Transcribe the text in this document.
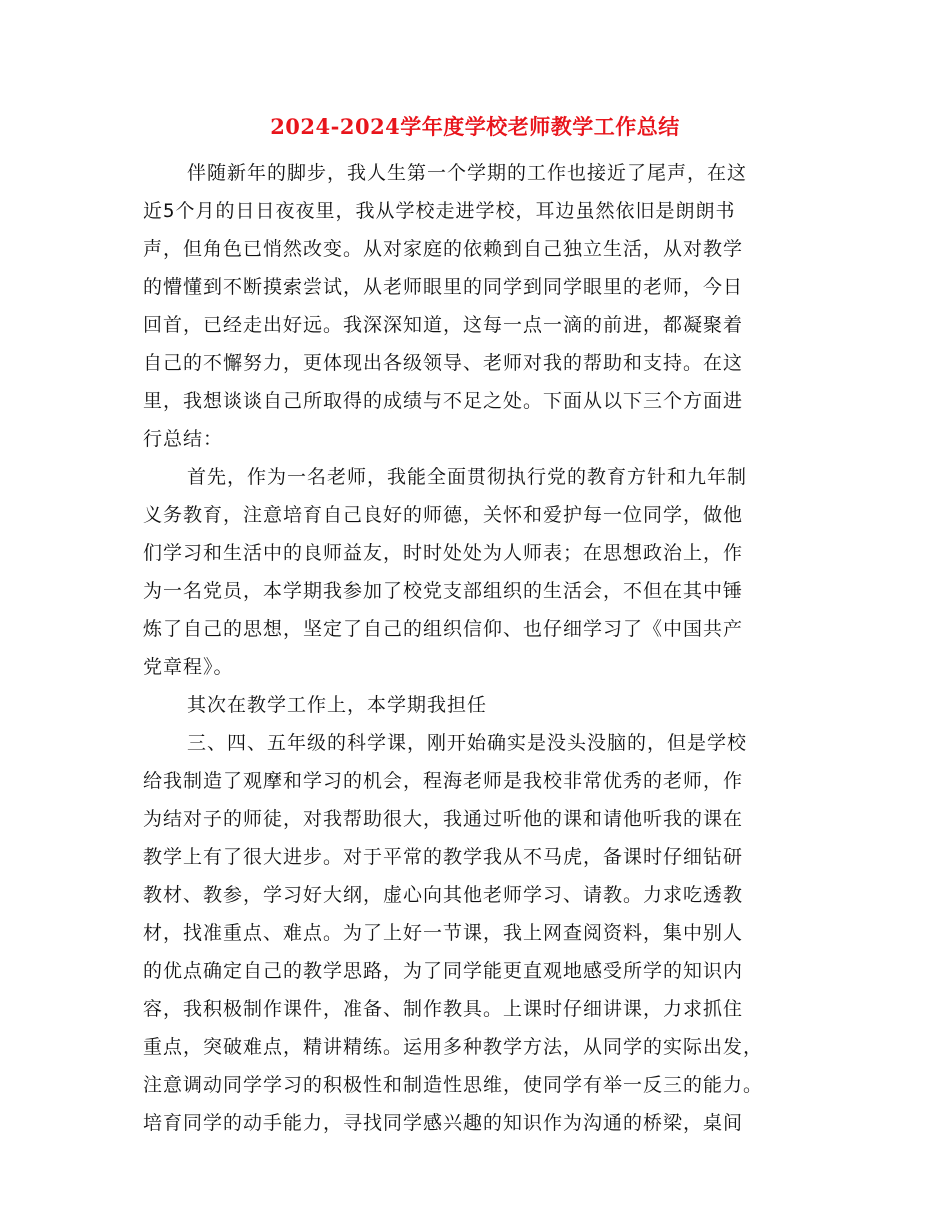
2024-2024学年度学校老师教学工作总结
伴随新年的脚步，我人生第一个学期的工作也接近了尾声，在这
近5个月的日日夜夜里，我从学校走进学校，耳边虽然依旧是朗朗书
声，但角色已悄然改变。从对家庭的依赖到自己独立生活，从对教学
的懵懂到不断摸索尝试，从老师眼里的同学到同学眼里的老师，今日
回首，已经走出好远。我深深知道，这每一点一滴的前进，都凝聚着
自己的不懈努力，更体现出各级领导、老师对我的帮助和支持。在这
里，我想谈谈自己所取得的成绩与不足之处。下面从以下三个方面进
行总结：
首先，作为一名老师，我能全面贯彻执行党的教育方针和九年制
义务教育，注意培育自己良好的师德，关怀和爱护每一位同学，做他
们学习和生活中的良师益友，时时处处为人师表；在思想政治上，作
为一名党员，本学期我参加了校党支部组织的生活会，不但在其中锤
炼了自己的思想，坚定了自己的组织信仰、也仔细学习了《中国共产
党章程》。
其次在教学工作上，本学期我担任
三、四、五年级的科学课，刚开始确实是没头没脑的，但是学校
给我制造了观摩和学习的机会，程海老师是我校非常优秀的老师，作
为结对子的师徒，对我帮助很大，我通过听他的课和请他听我的课在
教学上有了很大进步。对于平常的教学我从不马虎，备课时仔细钻研
教材、教参，学习好大纲，虚心向其他老师学习、请教。力求吃透教
材，找准重点、难点。为了上好一节课，我上网查阅资料，集中别人
的优点确定自己的教学思路，为了同学能更直观地感受所学的知识内
容，我积极制作课件，准备、制作教具。上课时仔细讲课，力求抓住
重点，突破难点，精讲精练。运用多种教学方法，从同学的实际出发，
注意调动同学学习的积极性和制造性思维，使同学有举一反三的能力。
培育同学的动手能力，寻找同学感兴趣的知识作为沟通的桥梁，桌间
